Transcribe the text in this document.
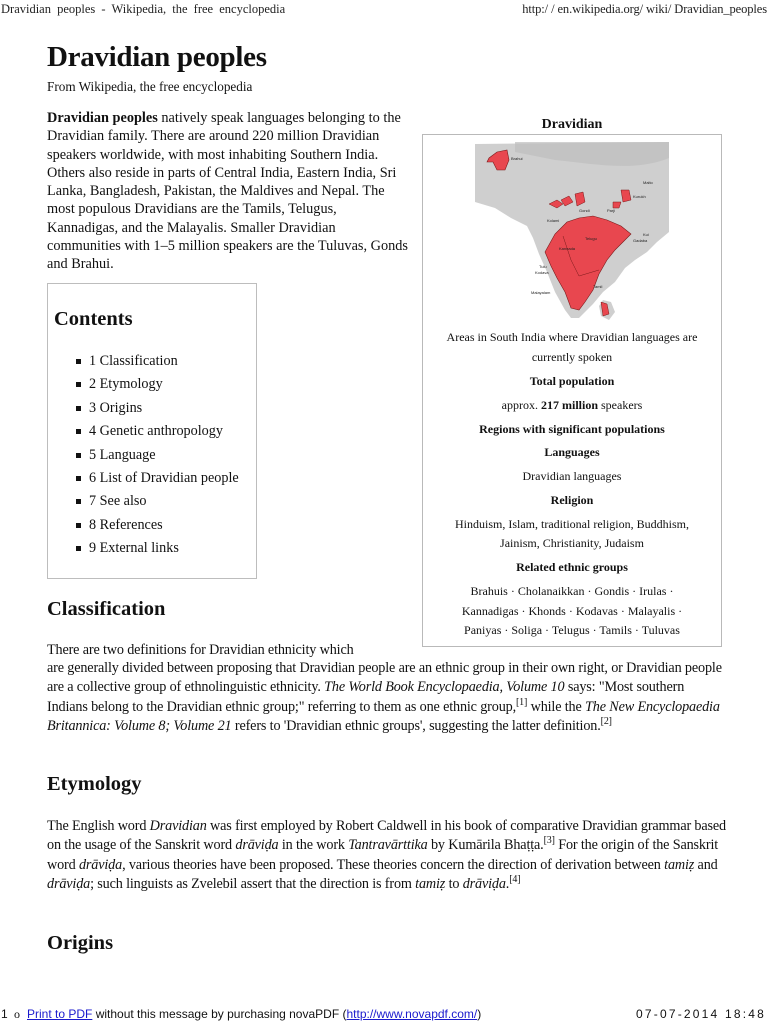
Dravidian peoples - Wikipedia, the free encyclopedia	http:/ / en.wikipedia.org/ wiki/ Dravidian_peoples
Dravidian peoples
From Wikipedia, the free encyclopedia

Dravidian peoples natively speak languages belonging to the Dravidian family. There are around 220 million Dravidian speakers worldwide, with most inhabiting Southern India. Others also reside in parts of Central India, Eastern India, Sri Lanka, Bangladesh, Pakistan, the Maldives and Nepal. The most populous Dravidians are the Tamils, Telugus, Kannadigas, and the Malayalis. Smaller Dravidian communities with 1–5 million speakers are the Tuluvas, Gonds and Brahui.

Contents
1 Classification
2 Etymology
3 Origins
4 Genetic anthropology
5 Language
6 List of Dravidian people
7 See also
8 References
9 External links
Dravidian
Brahui
Malto
Kurukh
Gondi	Parji
Kolami
Kui
Gadaba
Telugu
Kannada
Tulu
Kodava
Tamil
Malayalam
Areas in South India where Dravidian languages are
currently spoken
Total population
approx. 217 million speakers
Regions with significant populations
Languages
Dravidian languages
Religion
Hinduism, Islam, traditional religion, Buddhism,
Jainism, Christianity, Judaism
Related ethnic groups
Brahuis · Cholanaikkan · Gondis · Irulas ·
Kannadigas · Khonds · Kodavas · Malayalis ·
Paniyas · Soliga · Telugus · Tamils · Tuluvas
Classification

There are two definitions for Dravidian ethnicity which

are generally divided between proposing that Dravidian people are an ethnic group in their own right, or Dravidian people are a collective group of ethnolinguistic ethnicity. The World Book Encyclopaedia, Volume 10 says: "Most southern Indians belong to the Dravidian ethnic group;" referring to them as one ethnic group,[1] while the The New Encyclopaedia Britannica: Volume 8; Volume 21 refers to 'Dravidian ethnic groups', suggesting the latter definition.[2]

Etymology

The English word Dravidian was first employed by Robert Caldwell in his book of comparative Dravidian grammar based on the usage of the Sanskrit word drāviḍa in the work Tantravārttika by Kumārila Bhaṭṭa.[3] For the origin of the Sanskrit word drāviḍa, various theories have been proposed. These theories concern the direction of derivation between tamiẓ and drāviḍa; such linguists as Zvelebil assert that the direction is from tamiẓ to drāviḍa.[4]

Origins
1 o Print to PDF without this message by purchasing novaPDF (http://www.novapdf.com/)	07-07-2014 18:48
